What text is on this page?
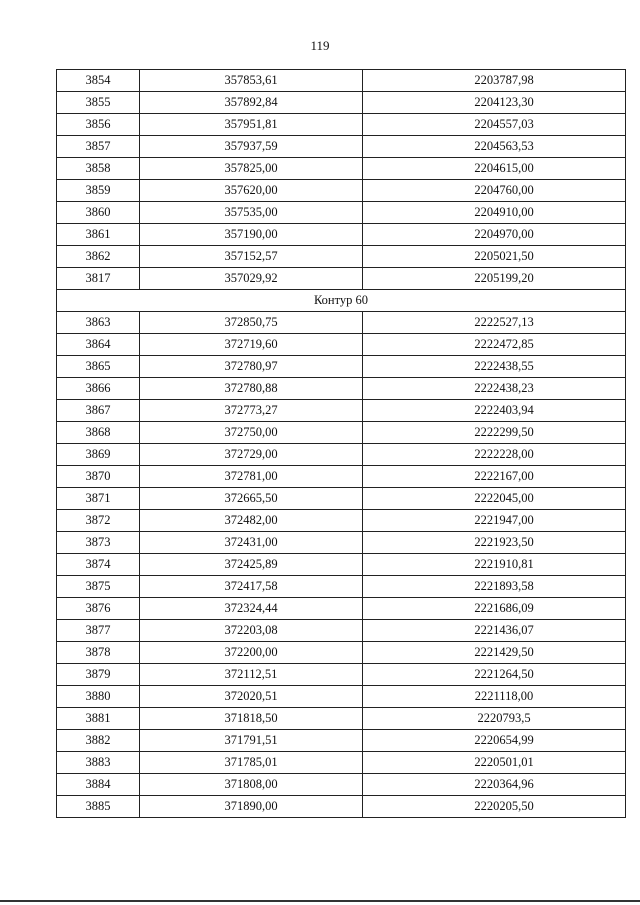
119
3854	357853,61	2203787,98
3855	357892,84	2204123,30
3856	357951,81	2204557,03
3857	357937,59	2204563,53
3858	357825,00	2204615,00
3859	357620,00	2204760,00
3860	357535,00	2204910,00
3861	357190,00	2204970,00
3862	357152,57	2205021,50
3817	357029,92	2205199,20
Контур 60		
3863	372850,75	2222527,13
3864	372719,60	2222472,85
3865	372780,97	2222438,55
3866	372780,88	2222438,23
3867	372773,27	2222403,94
3868	372750,00	2222299,50
3869	372729,00	2222228,00
3870	372781,00	2222167,00
3871	372665,50	2222045,00
3872	372482,00	2221947,00
3873	372431,00	2221923,50
3874	372425,89	2221910,81
3875	372417,58	2221893,58
3876	372324,44	2221686,09
3877	372203,08	2221436,07
3878	372200,00	2221429,50
3879	372112,51	2221264,50
3880	372020,51	2221118,00
3881	371818,50	2220793,5
3882	371791,51	2220654,99
3883	371785,01	2220501,01
3884	371808,00	2220364,96
3885	371890,00	2220205,50
